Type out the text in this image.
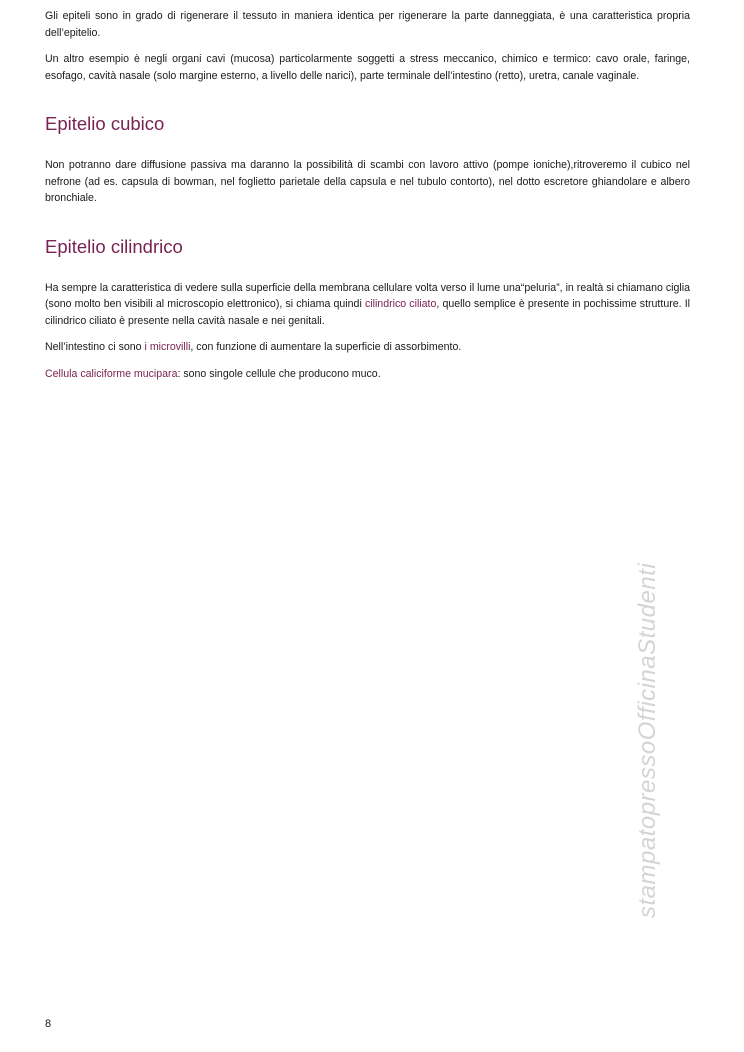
Gli epiteli sono in grado di rigenerare il tessuto in maniera identica per rigenerare la parte danneggiata, è una caratteristica propria dell’epitelio.

Un altro esempio è negli organi cavi (mucosa) particolarmente soggetti a stress meccanico, chimico e termico: cavo orale, faringe, esofago, cavità nasale (solo margine esterno, a livello delle narici), parte terminale dell’intestino (retto), uretra, canale vaginale.

Epitelio cubico

Non potranno dare diffusione passiva ma daranno la possibilità di scambi con lavoro attivo (pompe ioniche),ritroveremo il cubico nel nefrone (ad es. capsula di bowman, nel foglietto parietale della capsula e nel tubulo contorto), nel dotto escretore ghiandolare e albero bronchiale.

Epitelio cilindrico

Ha sempre la caratteristica di vedere sulla superficie della membrana cellulare volta verso il lume una“peluria”, in realtà si chiamano ciglia (sono molto ben visibili al microscopio elettronico), si chiama quindi cilindrico ciliato, quello semplice è presente in pochissime strutture. Il cilindrico ciliato è presente nella cavità nasale e nei genitali.

Nell’intestino ci sono i microvilli, con funzione di aumentare la superficie di assorbimento.

Cellula caliciforme mucipara: sono singole cellule che producono muco.

stampatopressoOfficinaStudenti
8
